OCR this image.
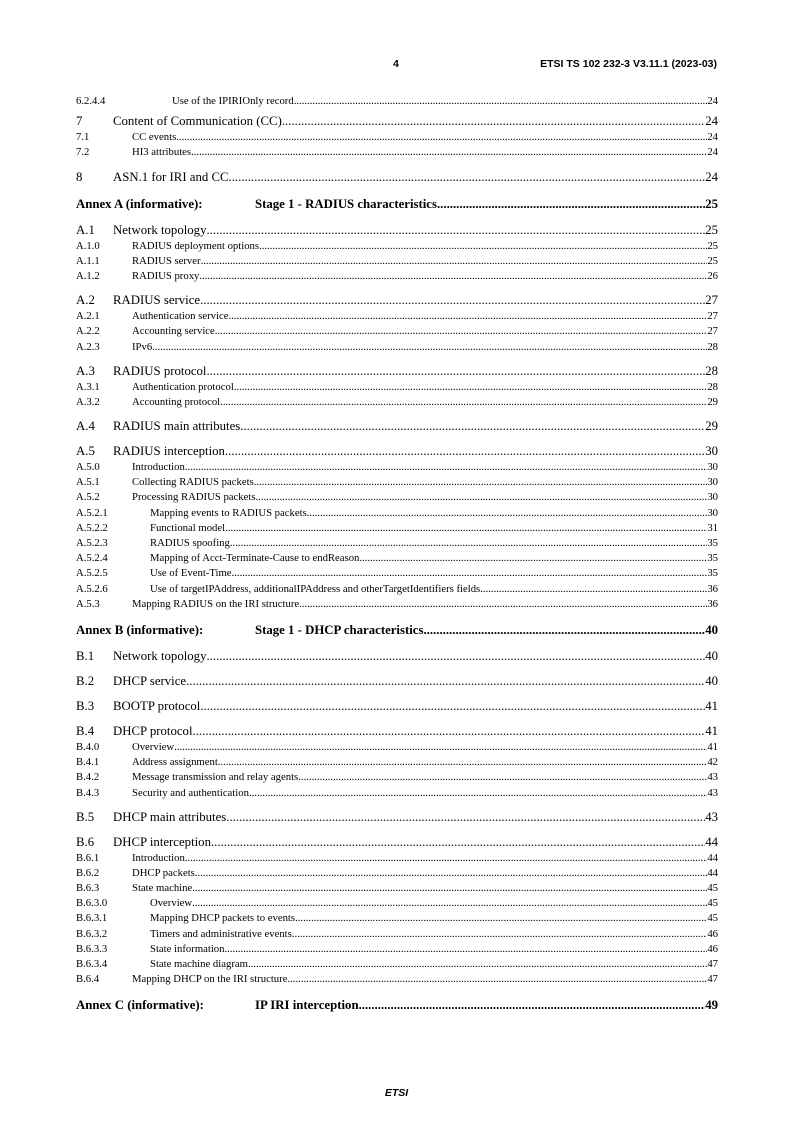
4	ETSI TS 102 232-3 V3.11.1 (2023-03)
6.2.4.4	Use of the IPIRIOnly record .....	24
7	Content of Communication (CC) .....	24
7.1	CC events .....	24
7.2	HI3 attributes .....	24
8	ASN.1 for IRI and CC .....	24
Annex A (informative):	Stage 1 - RADIUS characteristics .....	25
A.1	Network topology .....	25
A.1.0	RADIUS deployment options .....	25
A.1.1	RADIUS server .....	25
A.1.2	RADIUS proxy .....	26
A.2	RADIUS service .....	27
A.2.1	Authentication service .....	27
A.2.2	Accounting service .....	27
A.2.3	IPv6 .....	28
A.3	RADIUS protocol .....	28
A.3.1	Authentication protocol .....	28
A.3.2	Accounting protocol .....	29
A.4	RADIUS main attributes .....	29
A.5	RADIUS interception .....	30
A.5.0	Introduction .....	30
A.5.1	Collecting RADIUS packets .....	30
A.5.2	Processing RADIUS packets .....	30
A.5.2.1	Mapping events to RADIUS packets .....	30
A.5.2.2	Functional model .....	31
A.5.2.3	RADIUS spoofing .....	35
A.5.2.4	Mapping of Acct-Terminate-Cause to endReason .....	35
A.5.2.5	Use of Event-Time .....	35
A.5.2.6	Use of targetIPAddress, additionalIPAddress and otherTargetIdentifiers fields .....	36
A.5.3	Mapping RADIUS on the IRI structure .....	36
Annex B (informative):	Stage 1 - DHCP characteristics .....	40
B.1	Network topology .....	40
B.2	DHCP service .....	40
B.3	BOOTP protocol .....	41
B.4	DHCP protocol .....	41
B.4.0	Overview .....	41
B.4.1	Address assignment .....	42
B.4.2	Message transmission and relay agents .....	43
B.4.3	Security and authentication .....	43
B.5	DHCP main attributes .....	43
B.6	DHCP interception .....	44
B.6.1	Introduction .....	44
B.6.2	DHCP packets .....	44
B.6.3	State machine .....	45
B.6.3.0	Overview .....	45
B.6.3.1	Mapping DHCP packets to events .....	45
B.6.3.2	Timers and administrative events .....	46
B.6.3.3	State information .....	46
B.6.3.4	State machine diagram .....	47
B.6.4	Mapping DHCP on the IRI structure .....	47
Annex C (informative):	IP IRI interception .....	49
ETSI
